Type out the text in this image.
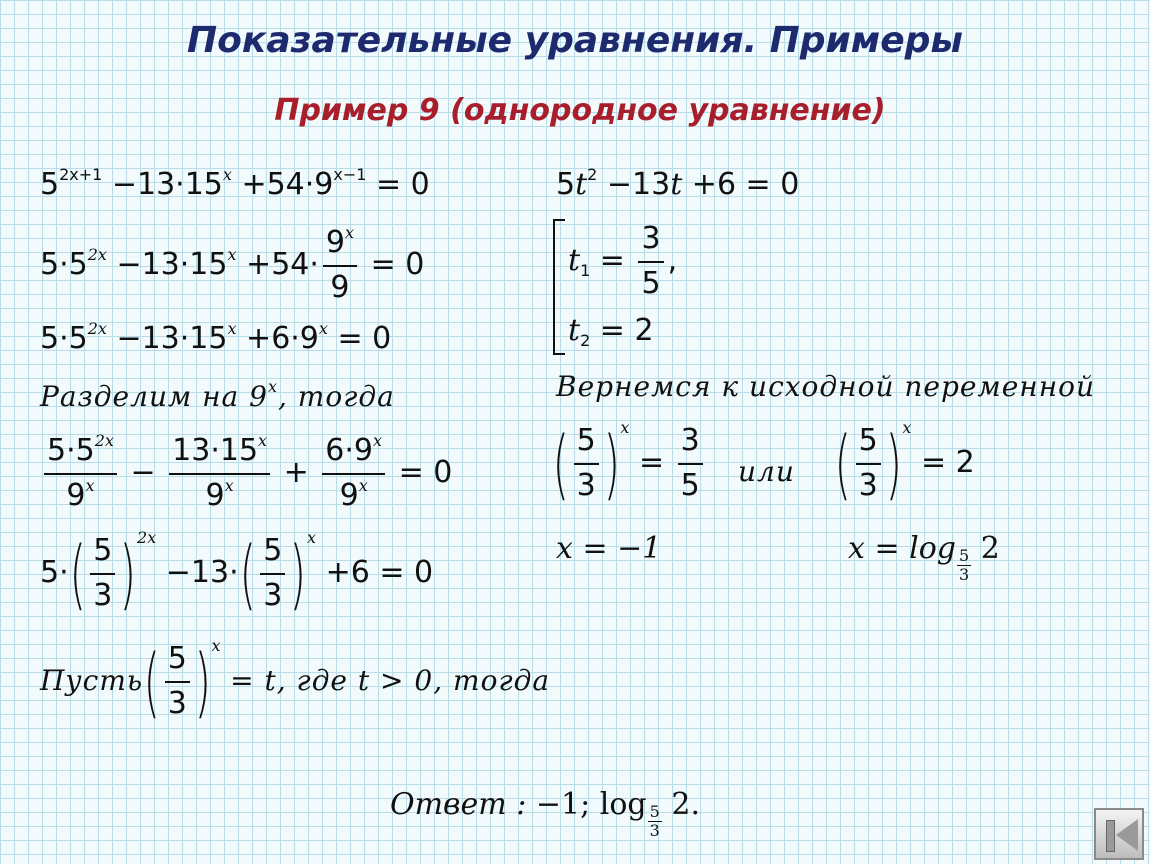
Показательные уравнения. Примеры
Пример 9 (однородное уравнение)
$5^{2x+1} -13\cdot 15^x +54\cdot 9^{x-1} = 0$
$5\cdot 5^{2x} -13\cdot 15^x +54\cdot \frac{9^x}{9} = 0$
$5\cdot 5^{2x} -13\cdot 15^x +6\cdot 9^x = 0$
Разделим на 9$^x$, тогда
$\frac{5\cdot 5^{2x}}{9^x} - \frac{13\cdot 15^x}{9^x} + \frac{6\cdot 9^x}{9^x} = 0$
$5\cdot( \frac{5}{3} )2x -13\cdot( \frac{5}{3} )x +6 = 0$
Пусть( $\frac{5}{3} )x = t$, где t > 0, тогда
$5t^2 -13t +6 = 0$
$t_1 = \frac{3}{5}$ ,
$t_2 = 2$
Вернемся к исходной переменной
( $\frac{5}{3} )x = \frac{3}{5}$ или ( $\frac{5}{3} )x = 2$
x = −1	$x = \log \frac{5}{3} 2$
Ответ : −1; $\log \frac{5}{3} 2$.
